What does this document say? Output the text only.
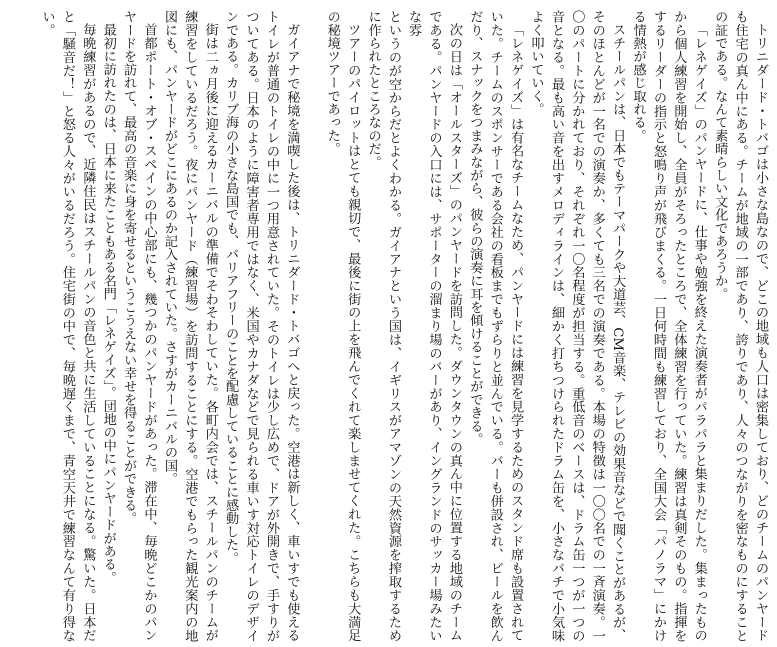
トリニダード・トバゴは小さな島なので、どこの地域も人口は密集しており、どのチームのパンヤードも住宅の真ん中にある。チームが地域の一部であり、誇りであり、人々のつながりを密なものにすることの証である。なんて素晴らしい文化であろうか。

「レネゲイズ」のパンヤードに、仕事や勉強を終えた演奏者がパラパラと集まりだした。集まったものから個人練習を開始し、全員がそろったところで、全体練習を行っていた。練習は真剣そのもの。指揮をするリーダーの指示と怒鳴り声が飛びまくる。一日何時間も練習しており、全国大会「パノラマ」にかける情熱が感じ取れる。

スチールパンは、日本でもテーマパークや大道芸、CM音楽、テレビの効果音などで聞くことがあるが、そのほとんどが一名での演奏か、多くても三名での演奏である。本場の特徴は一〇〇名での一斉演奏。一〇のパートに分かれており、それぞれ一〇名程度が担当する。重低音のベースは、ドラム缶一つが一つの音となる。最も高い音を出すメロディラインは、細かく打ちつけられたドラム缶を、小さなバチで小気味よく叩いていく。

「レネゲイズ」は有名なチームなため、パンヤードには練習を見学するためのスタンド席も設置されていた。チームのスポンサーである会社の看板までもずらりと並んでいる。バーも併設され、ビールを飲んだり、スナックをつまみながら、彼らの演奏に耳を傾けることができる。

次の日は「オールスターズ」のパンヤードを訪問した。ダウンタウンの真ん中に位置する地域のチームである。パンヤードの入口には、サポーターの溜まり場のバーがあり、イングランドのサッカー場みたいな雰

というのが空からだとよくわかる。ガイアナという国は、イギリスがアマゾンの天然資源を搾取するために作られたところなのだ。

ツアーのパイロットはとても親切で、最後に街の上を飛んでくれて楽しませてくれた。こちらも大満足の秘境ツアーであった。

ガイアナで秘境を満喫した後は、トリニダード・トバゴへと戻った。空港は新しく、車いすでも使えるトイレが普通のトイレの中に一つ用意されていた。そのトイレは少し広めで、ドアが外開きで、手すりがついてある。日本のように障害者専用ではなく、米国やカナダなどで見られる車いす対応トイレのデザインである。カリブ海の小さな島国でも、バリアフリーのことを配慮していることに感動した。

街は二ヵ月後に迎えるカーニバルの準備でそわそわしていた。各町内会では、スチールパンのチームが練習をしているだろう。夜にパンヤード（練習場）を訪問することにする。空港でもらった観光案内の地図にも、パンヤードがどこにあるのか記入されていた。さすがカーニバルの国。

首都ポート・オブ・スペインの中心部にも、幾つかのパンヤードがあった。滞在中、毎晩どこかのパンヤードを訪れて、最高の音楽に身を寄せるというこうえない幸せを得ることができる。

最初に訪れたのは、日本に来たこともある名門「レネゲイズ」。団地の中にパンヤードがある。

毎晩練習があるので、近隣住民はスチールパンの音色と共に生活していることになる。驚いた。日本だと「騒音だ！」と怒る人々がいるだろう。住宅街の中で、毎晩遅くまで、青空天井で練習なんて有り得ない。
